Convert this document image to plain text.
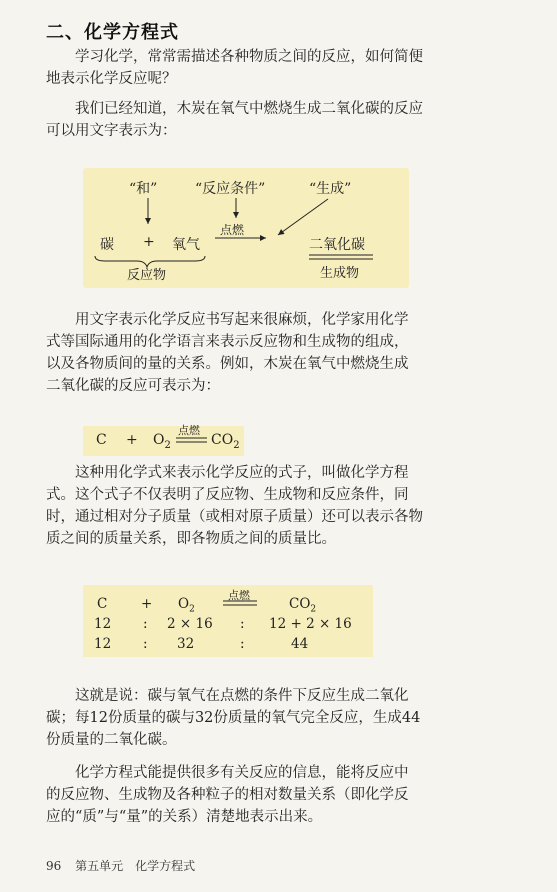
二、化学方程式
学习化学，常常需描述各种物质之间的反应，如何简便
地表示化学反应呢？
我们已经知道，木炭在氧气中燃烧生成二氧化碳的反应
可以用文字表示为：
“和”	“反应条件”	“生成”
碳 + 氧气
点燃
二氧化碳
反应物	生成物
用文字表示化学反应书写起来很麻烦，化学家用化学
式等国际通用的化学语言来表示反应物和生成物的组成，
以及各物质间的量的关系。例如，木炭在氧气中燃烧生成
二氧化碳的反应可表示为：
$C + O_2$
点燃
$CO_2$
这种用化学式来表示化学反应的式子，叫做化学方程
式。这个式子不仅表明了反应物、生成物和反应条件，同
时，通过相对分子质量（或相对原子质量）还可以表示各物
质之间的质量关系，即各物质之间的质量比。
$C + O_2$
点燃
$CO_2$
12 : 2 × 16 : 12 + 2 × 16
12 : 32	:	44
这就是说：碳与氧气在点燃的条件下反应生成二氧化
碳；每12份质量的碳与32份质量的氧气完全反应，生成44
份质量的二氧化碳。
化学方程式能提供很多有关反应的信息，能将反应中
的反应物、生成物及各种粒子的相对数量关系（即化学反
应的“质”与“量”的关系）清楚地表示出来。
96 第五单元　化学方程式
